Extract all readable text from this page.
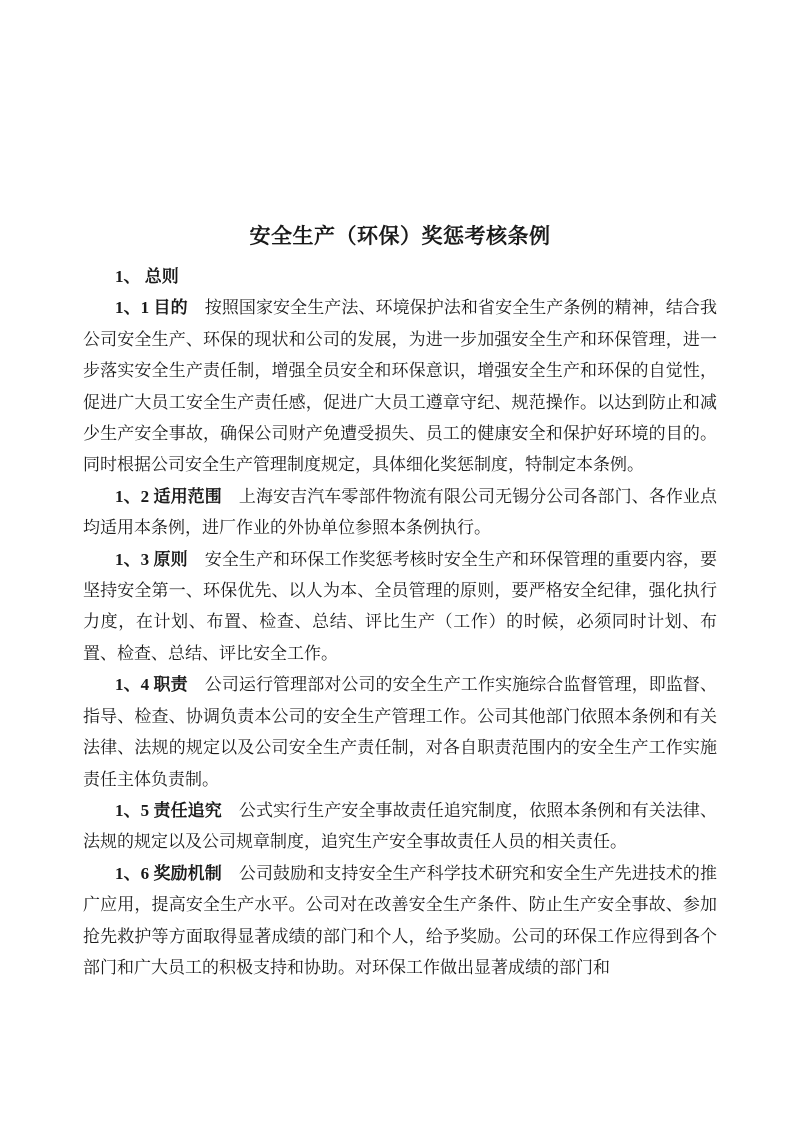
安全生产（环保）奖惩考核条例

1、 总则

1、1 目的　按照国家安全生产法、环境保护法和省安全生产条例的精神，结合我公司安全生产、环保的现状和公司的发展，为进一步加强安全生产和环保管理，进一步落实安全生产责任制，增强全员安全和环保意识，增强安全生产和环保的自觉性，促进广大员工安全生产责任感，促进广大员工遵章守纪、规范操作。以达到防止和减少生产安全事故，确保公司财产免遭受损失、员工的健康安全和保护好环境的目的。同时根据公司安全生产管理制度规定，具体细化奖惩制度，特制定本条例。

1、2 适用范围　上海安吉汽车零部件物流有限公司无锡分公司各部门、各作业点均适用本条例，进厂作业的外协单位参照本条例执行。

1、3 原则　安全生产和环保工作奖惩考核时安全生产和环保管理的重要内容，要坚持安全第一、环保优先、以人为本、全员管理的原则，要严格安全纪律，强化执行力度，在计划、布置、检查、总结、评比生产（工作）的时候，必须同时计划、布置、检查、总结、评比安全工作。

1、4 职责　公司运行管理部对公司的安全生产工作实施综合监督管理，即监督、指导、检查、协调负责本公司的安全生产管理工作。公司其他部门依照本条例和有关法律、法规的规定以及公司安全生产责任制，对各自职责范围内的安全生产工作实施责任主体负责制。

1、5 责任追究　公式实行生产安全事故责任追究制度，依照本条例和有关法律、法规的规定以及公司规章制度，追究生产安全事故责任人员的相关责任。

1、6 奖励机制　公司鼓励和支持安全生产科学技术研究和安全生产先进技术的推广应用，提高安全生产水平。公司对在改善安全生产条件、防止生产安全事故、参加抢先救护等方面取得显著成绩的部门和个人，给予奖励。公司的环保工作应得到各个部门和广大员工的积极支持和协助。对环保工作做出显著成绩的部门和
